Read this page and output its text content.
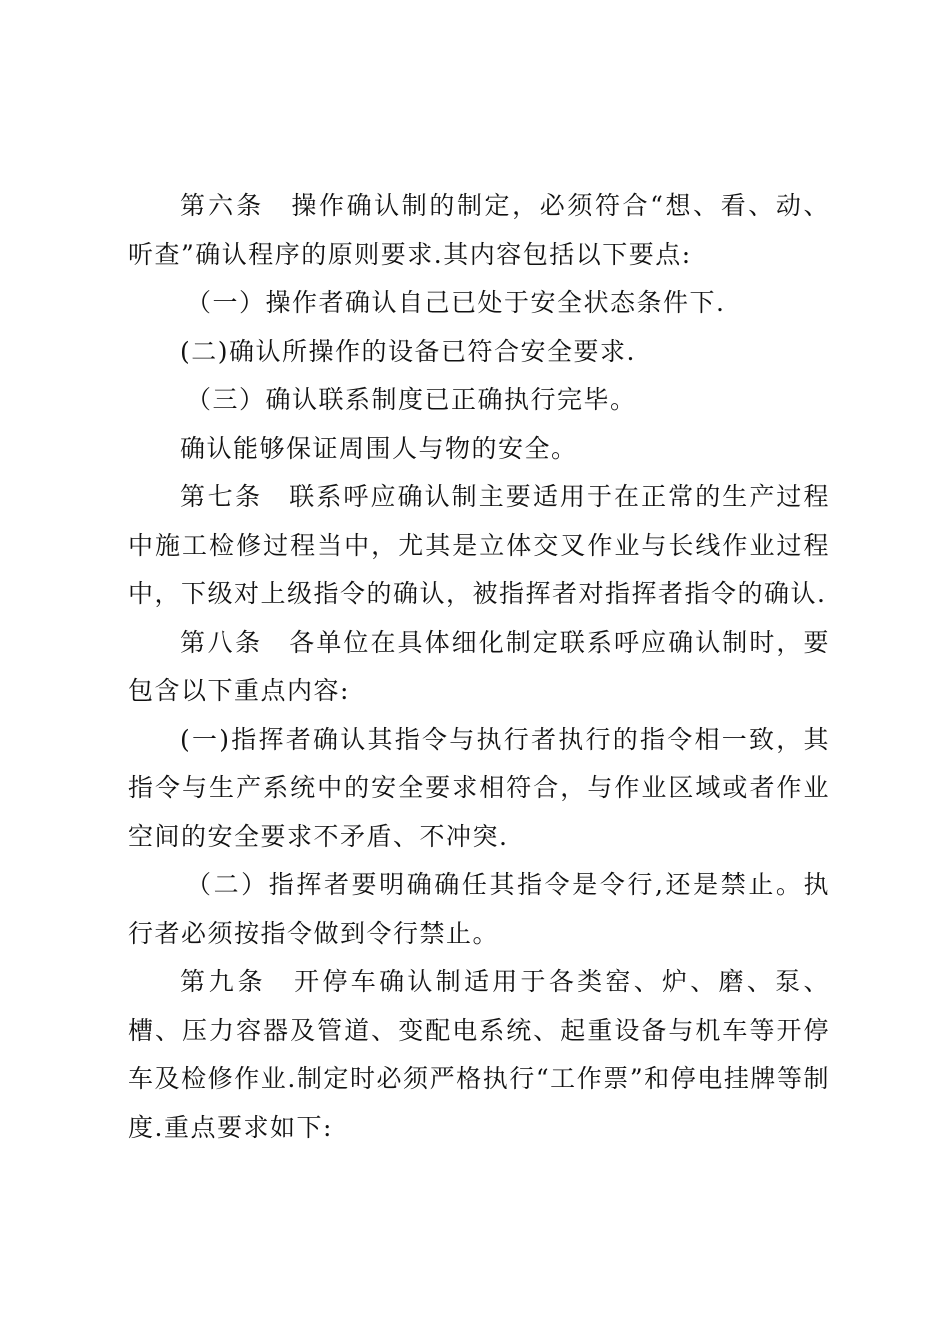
第六条 操作确认制的制定，必须符合“想、看、动、听查”确认程序的原则要求.其内容包括以下要点:

（一）操作者确认自己已处于安全状态条件下.

(二)确认所操作的设备已符合安全要求.

（三）确认联系制度已正确执行完毕。

确认能够保证周围人与物的安全。

第七条 联系呼应确认制主要适用于在正常的生产过程中施工检修过程当中，尤其是立体交叉作业与长线作业过程中，下级对上级指令的确认，被指挥者对指挥者指令的确认.

第八条 各单位在具体细化制定联系呼应确认制时，要包含以下重点内容:

(一)指挥者确认其指令与执行者执行的指令相一致，其指令与生产系统中的安全要求相符合，与作业区域或者作业空间的安全要求不矛盾、不冲突.

（二）指挥者要明确确任其指令是令行,还是禁止。执行者必须按指令做到令行禁止。

第九条 开停车确认制适用于各类窑、炉、磨、泵、槽、压力容器及管道、变配电系统、起重设备与机车等开停车及检修作业.制定时必须严格执行“工作票”和停电挂牌等制度.重点要求如下:
